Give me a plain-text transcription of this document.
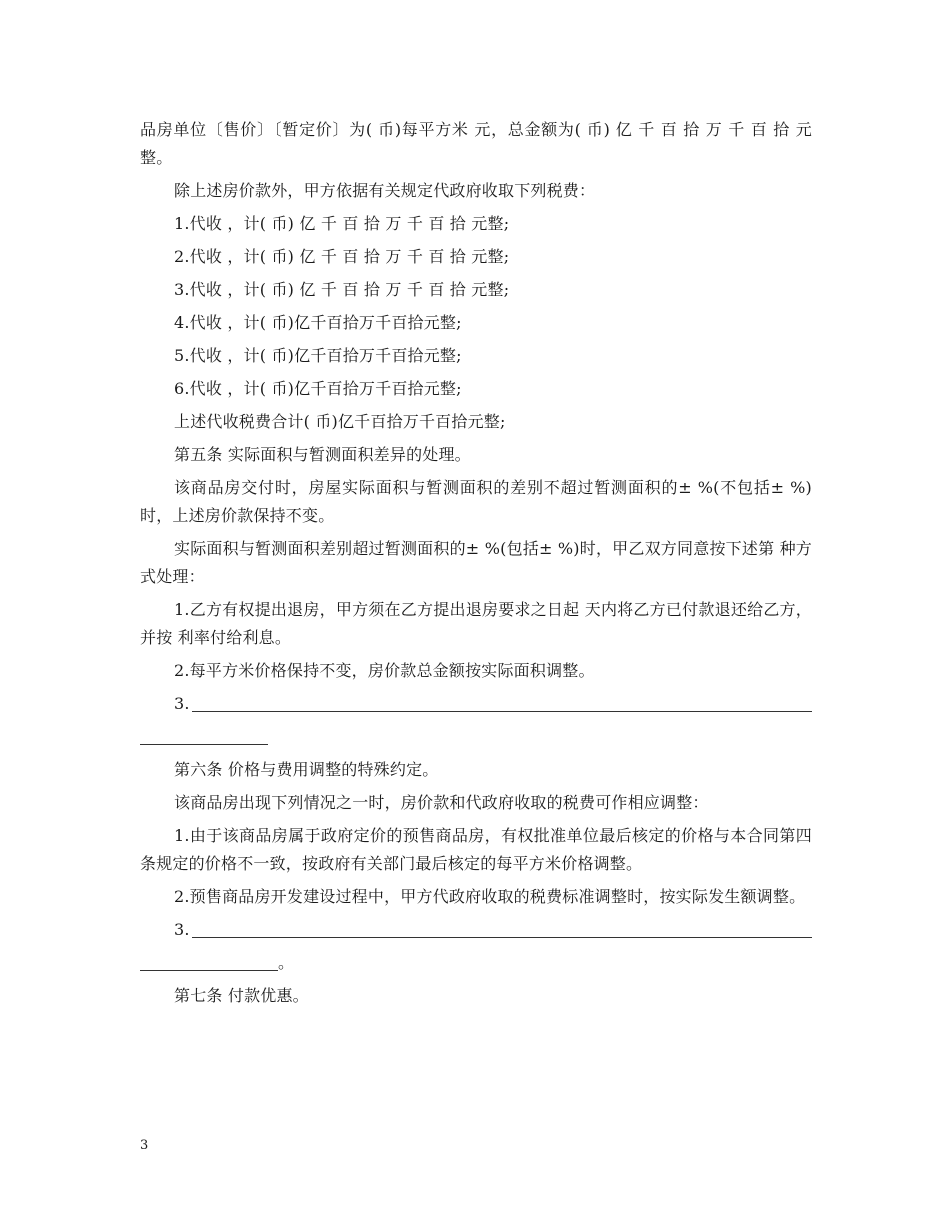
品房单位〔售价〕〔暂定价〕为( 币)每平方米 元，总金额为( 币) 亿 千 百 拾 万 千 百 拾 元整。

除上述房价款外，甲方依据有关规定代政府收取下列税费：

1.代收 ，计( 币) 亿 千 百 拾 万 千 百 拾 元整;

2.代收 ，计( 币) 亿 千 百 拾 万 千 百 拾 元整;

3.代收 ，计( 币) 亿 千 百 拾 万 千 百 拾 元整;

4.代收 ，计( 币)亿千百拾万千百拾元整;

5.代收 ，计( 币)亿千百拾万千百拾元整;

6.代收 ，计( 币)亿千百拾万千百拾元整;

上述代收税费合计( 币)亿千百拾万千百拾元整;

第五条 实际面积与暂测面积差异的处理。

该商品房交付时，房屋实际面积与暂测面积的差别不超过暂测面积的± %(不包括± %)时，上述房价款保持不变。

实际面积与暂测面积差别超过暂测面积的± %(包括± %)时，甲乙双方同意按下述第 种方式处理：

1.乙方有权提出退房，甲方须在乙方提出退房要求之日起 天内将乙方已付款退还给乙方，并按 利率付给利息。

2.每平方米价格保持不变，房价款总金额按实际面积调整。

3.

第六条 价格与费用调整的特殊约定。

该商品房出现下列情况之一时，房价款和代政府收取的税费可作相应调整：

1.由于该商品房属于政府定价的预售商品房，有权批准单位最后核定的价格与本合同第四条规定的价格不一致，按政府有关部门最后核定的每平方米价格调整。

2.预售商品房开发建设过程中，甲方代政府收取的税费标准调整时，按实际发生额调整。

3.
。

第七条 付款优惠。

3
